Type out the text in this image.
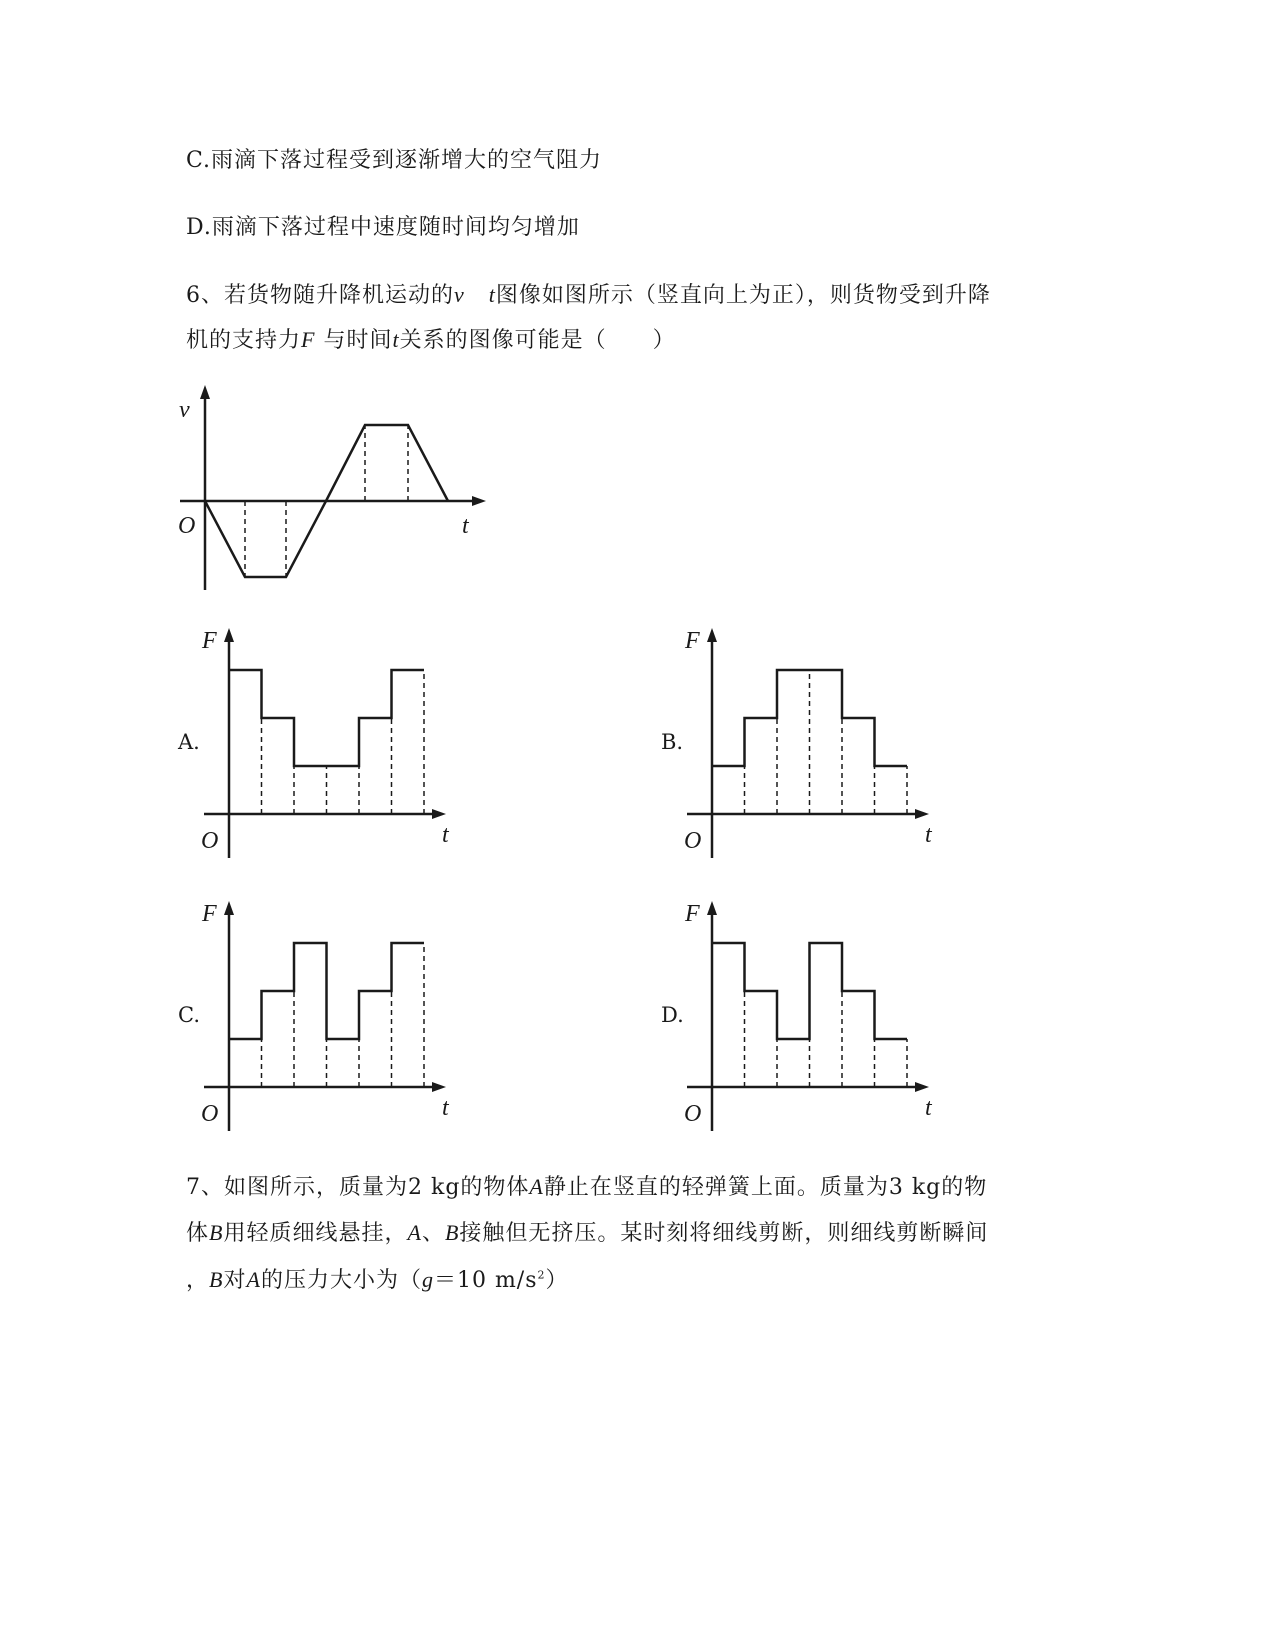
C.雨滴下落过程受到逐渐增大的空气阻力
D.雨滴下落过程中速度随时间均匀增加
6、若货物随升降机运动的v t图像如图所示（竖直向上为正），则货物受到升降
机的支持力F 与时间t关系的图像可能是（　　）
v
O	t
A.	B.
C.	D.
F
O	t
F
O	t
F
O	t
F
O	t
7、如图所示，质量为2 kg的物体A静止在竖直的轻弹簧上面。质量为3 kg的物
体B用轻质细线悬挂，A、B接触但无挤压。某时刻将细线剪断，则细线剪断瞬间
，B对A的压力大小为（g＝10 $m/s^2$）
